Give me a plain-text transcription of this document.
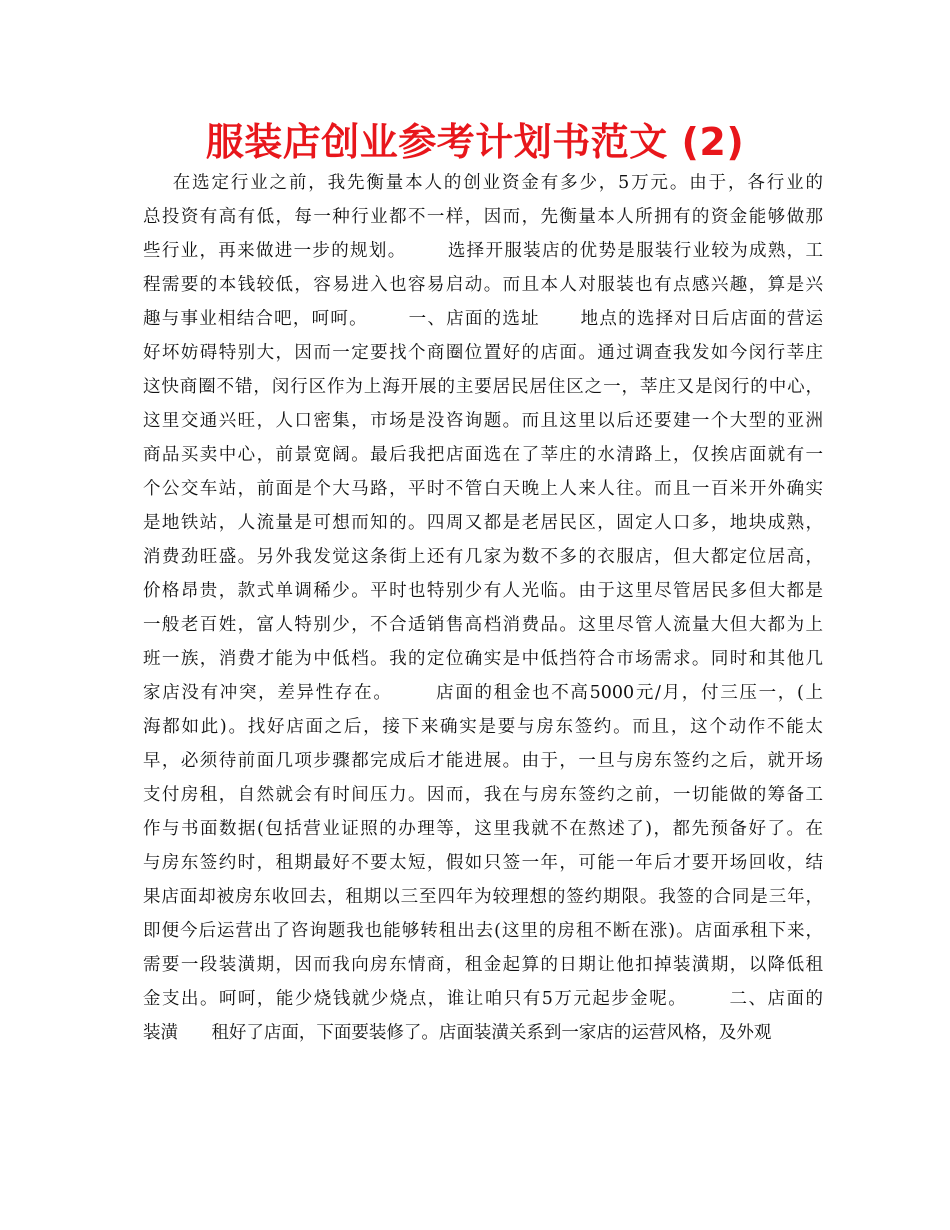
服装店创业参考计划书范文 (2)
在选定行业之前，我先衡量本人的创业资金有多少，5万元。由于，各行业的
总投资有高有低，每一种行业都不一样，因而，先衡量本人所拥有的资金能够做那
些行业，再来做进一步的规划。      选择开服装店的优势是服装行业较为成熟，工
程需要的本钱较低，容易进入也容易启动。而且本人对服装也有点感兴趣，算是兴
趣与事业相结合吧，呵呵。      一、店面的选址      地点的选择对日后店面的营运
好坏妨碍特别大，因而一定要找个商圈位置好的店面。通过调查我发如今闵行莘庄
这快商圈不错，闵行区作为上海开展的主要居民居住区之一，莘庄又是闵行的中心，
这里交通兴旺，人口密集，市场是没咨询题。而且这里以后还要建一个大型的亚洲
商品买卖中心，前景宽阔。最后我把店面选在了莘庄的水清路上，仅挨店面就有一
个公交车站，前面是个大马路，平时不管白天晚上人来人往。而且一百米开外确实
是地铁站，人流量是可想而知的。四周又都是老居民区，固定人口多，地块成熟，
消费劲旺盛。另外我发觉这条街上还有几家为数不多的衣服店，但大都定位居高，
价格昂贵，款式单调稀少。平时也特别少有人光临。由于这里尽管居民多但大都是
一般老百姓，富人特别少，不合适销售高档消费品。这里尽管人流量大但大都为上
班一族，消费才能为中低档。我的定位确实是中低挡符合市场需求。同时和其他几
家店没有冲突，差异性存在。      店面的租金也不高5000元/月，付三压一，(上
海都如此)。找好店面之后，接下来确实是要与房东签约。而且，这个动作不能太
早，必须待前面几项步骤都完成后才能进展。由于，一旦与房东签约之后，就开场
支付房租，自然就会有时间压力。因而，我在与房东签约之前，一切能做的筹备工
作与书面数据(包括营业证照的办理等，这里我就不在熬述了)，都先预备好了。在
与房东签约时，租期最好不要太短，假如只签一年，可能一年后才要开场回收，结
果店面却被房东收回去，租期以三至四年为较理想的签约期限。我签的合同是三年，
即便今后运营出了咨询题我也能够转租出去(这里的房租不断在涨)。店面承租下来，
需要一段装潢期，因而我向房东情商，租金起算的日期让他扣掉装潢期，以降低租
金支出。呵呵，能少烧钱就少烧点，谁让咱只有5万元起步金呢。      二、店面的
装潢      租好了店面，下面要装修了。店面装潢关系到一家店的运营风格，及外观
